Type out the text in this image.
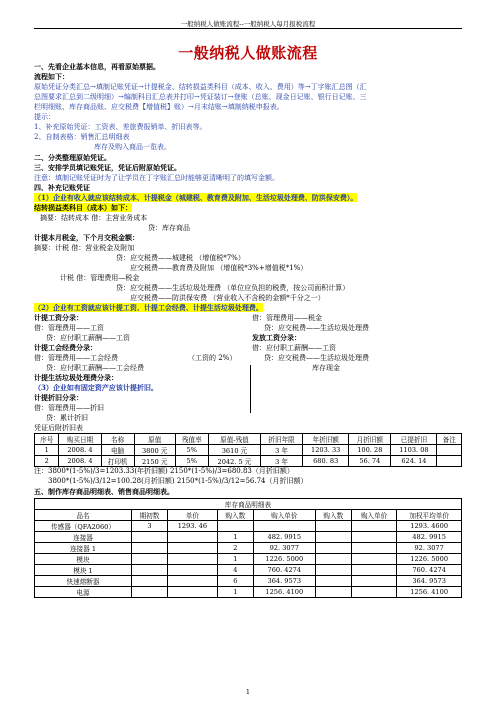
一般纳税人做账流程--一般纳税人每月报税流程
一般纳税人做账流程
一、先看企业基本信息，再看原始票据。
流程如下：
原始凭证分类汇总→填制记账凭证→计提税金、结转损益类科目（成本、收入、费用）等→丁字账汇总图（汇
总图要求汇总到二级明细）→编制科目汇总表并打印→凭证装订→登账（总账、现金日记账、银行日记账、三
栏明细账、库存商品账、应交税费【增值税】账）→月末结账→填制纳税申报表。
提示：
1、补充原始凭证：工资表、差旅费报销单、折旧表等。
2、自制表格：销售汇总明细表
库存及购入商品一览表。
二、分类整理原始凭证。
三、安排学员填记账凭证，凭证后附原始凭证。
注意：填制记账凭证时为了让学员在丁字账汇总时能够更清晰明了的填写金额。
四、补充记账凭证
（1）企业有收入就应该结转成本、计提税金（城建税、教育费及附加、生活垃圾处理费、防洪保安费）。
结转损益类科目（成本）如下：
摘要：结转成本 借：主营业务成本
贷：库存商品
计提本月税金，下个月交税金额：
摘要：计税 借：营业税金及附加
贷：应交税费——城建税 （增值税*7%）
应交税费——教育费及附加 （增值税*3%+增值税*1%）
计税 借：管理费用—税金
贷：应交税费——生活垃圾处理费 （单位应负担的税费，按公司面积计算）
应交税费——防洪保安费 （营业收入不含税的金额*千分之一）
（2）企业有工资就应该计提工资、计提工会经费、计提生活垃圾处理费。
计提工资分录：
借：管理费用——工资
贷：应付职工薪酬——工资
计提工会经费分录：
借：管理费用——工会经费	（工资的 2%）
贷：应付职工薪酬——工会经费
计提生活垃圾处理费分录：
借：管理费用——税金
贷：应交税费——生活垃圾处理费
发放工资分录：
借：应付职工薪酬——工资
贷：应交税费——生活垃圾处理费
库存现金
（3）企业如有固定资产应该计提折旧。
计提折旧分录：
借：管理费用——折旧
贷：累计折旧
凭证后附折旧表
序号	购买日期	名称	原值	残值率	原值-残值	折旧年限	年折旧额	月折旧额	已提折旧	备注
1	2008. 4	电脑	3800 元	5%	3610 元	3 年	1203. 33	100. 28	1103. 08	
2	2008. 4	打印机	2150 元	5%	2042. 5 元	3 年	680. 83	56. 74	624. 14	
注：3800*(1-5%)/3=1203.33(年折旧额) 2150*(1-5%)/3=680.83（月折旧额）
3800*(1-5%)/3/12=100.28(月折旧额) 2150*(1-5%)/3/12=56.74（月折旧额）
五、制作库存商品明细表、销售商品明细表。
库存商品明细表							
品名	期初数	单价	购入数	购入单价	购入数	购入单价	加权平均单价
传感器（QFA2060）	3	1293. 46					1293. 4600
连接器			1	482. 9915			482. 9915
连接器 1			2	92. 3077			92. 3077
模块			1	1226. 5000			1226. 5000
模块 1			4	760. 4274			760. 4274
快速熔断器			6	364. 9573			364. 9573
电源			1	1256. 4100			1256. 4100
1
